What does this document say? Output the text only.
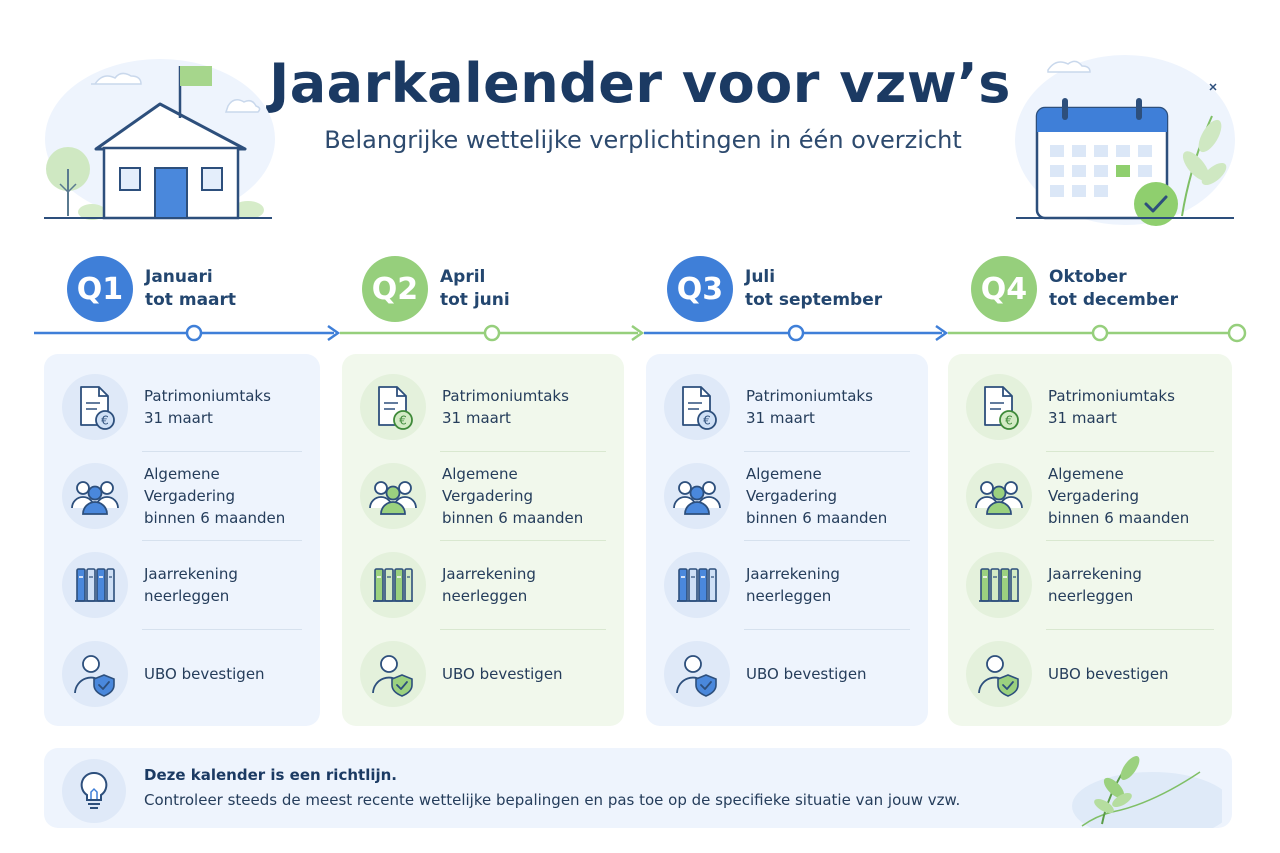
Jaarkalender voor vzw’s
Belangrijke wettelijke verplichtingen in één overzicht
Q1	Januari
tot maart	Q2	April
tot juni	Q3	Juli
tot september	Q4	Oktober
tot december
€
Patrimoniumtaks
31 maart
Algemene Vergadering
binnen 6 maanden
Jaarrekening
neerleggen
UBO bevestigen
€
Patrimoniumtaks
31 maart
Algemene Vergadering
binnen 6 maanden
Jaarrekening
neerleggen
UBO bevestigen
€
Patrimoniumtaks
31 maart
Algemene Vergadering
binnen 6 maanden
Jaarrekening
neerleggen
UBO bevestigen
€
Patrimoniumtaks
31 maart
Algemene Vergadering
binnen 6 maanden
Jaarrekening
neerleggen
UBO bevestigen
Deze kalender is een richtlijn.
Controleer steeds de meest recente wettelijke bepalingen en pas toe op de specifieke situatie van jouw vzw.
